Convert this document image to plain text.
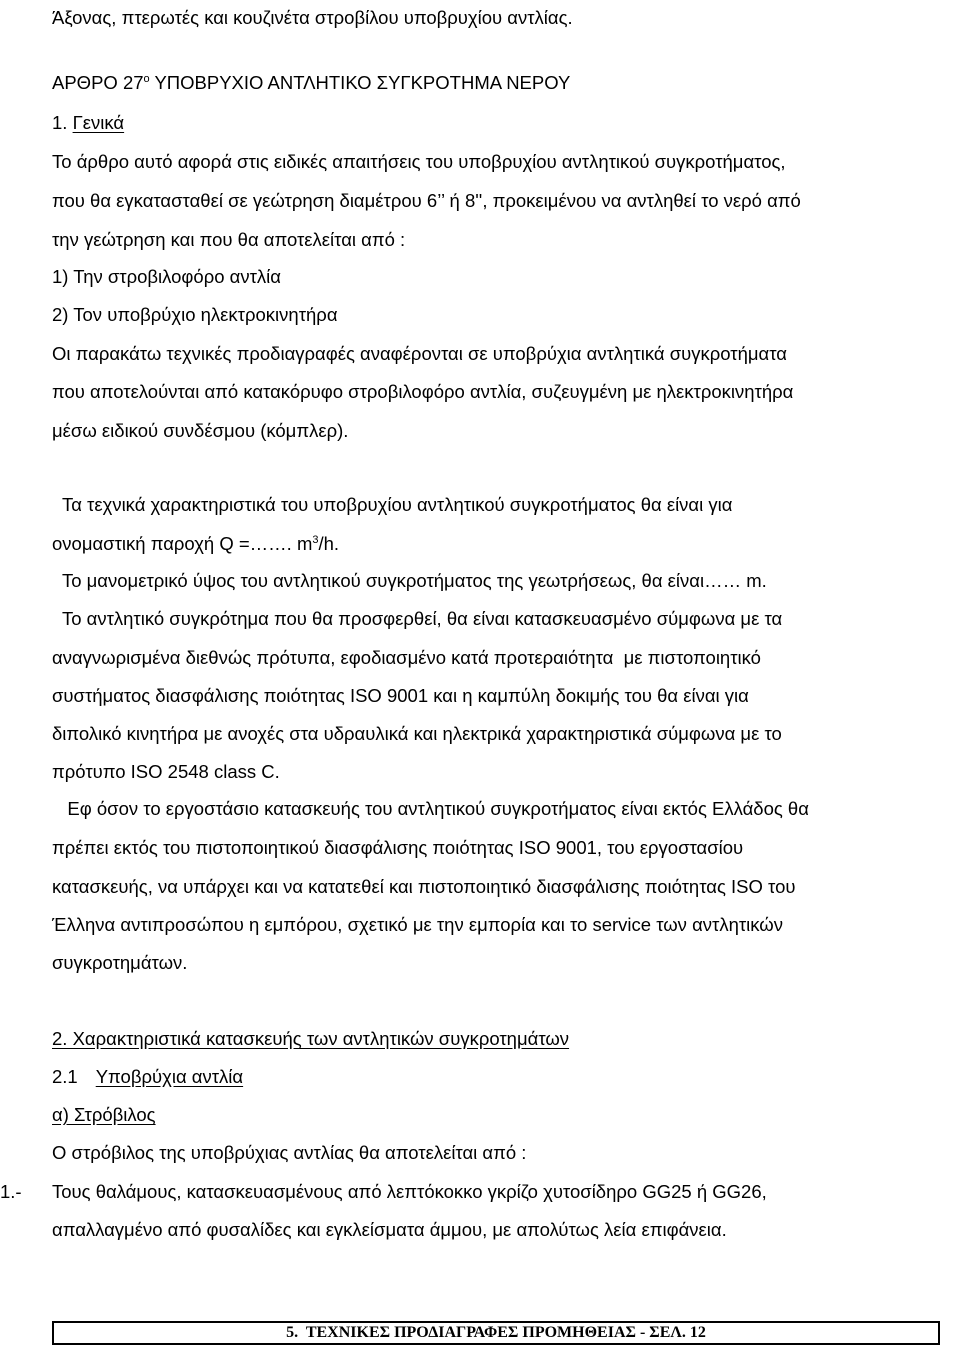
Άξονας, πτερωτές και κουζινέτα στροβίλου υποβρυχίου αντλίας.

ΑΡΘΡΟ $27^o$ ΥΠΟΒΡΥΧΙΟ ΑΝΤΛΗΤΙΚΟ ΣΥΓΚΡΟΤΗΜΑ ΝΕΡΟΥ

1. Γενικά

Το άρθρο αυτό αφορά στις ειδικές απαιτήσεις του υποβρυχίου αντλητικού συγκροτήματος,

που θα εγκατασταθεί σε γεώτρηση διαμέτρου 6’’ ή 8'', προκειμένου να αντληθεί το νερό από

την γεώτρηση και που θα αποτελείται από :

1) Την στροβιλοφόρο αντλία

2) Τον υποβρύχιο ηλεκτροκινητήρα

Οι παρακάτω τεχνικές προδιαγραφές αναφέρονται σε υποβρύχια αντλητικά συγκροτήματα

που αποτελούνται από κατακόρυφο στροβιλοφόρο αντλία, συζευγμένη με ηλεκτροκινητήρα

μέσω ειδικού συνδέσμου (κόμπλερ).

Τα τεχνικά χαρακτηριστικά του υποβρυχίου αντλητικού συγκροτήματος θα είναι για

ονομαστική παροχή Q =……. $m^3/h$.

Το μανομετρικό ύψος του αντλητικού συγκροτήματος της γεωτρήσεως, θα είναι…… m.

Το αντλητικό συγκρότημα που θα προσφερθεί, θα είναι κατασκευασμένο σύμφωνα με τα

αναγνωρισμένα διεθνώς πρότυπα, εφοδιασμένο κατά προτεραιότητα  με πιστοποιητικό

συστήματος διασφάλισης ποιότητας ISO 9001 και η καμπύλη δοκιμής του θα είναι για

διπολικό κινητήρα με ανοχές στα υδραυλικά και ηλεκτρικά χαρακτηριστικά σύμφωνα με το

πρότυπο ISO 2548 class C.

Εφ όσον το εργοστάσιο κατασκευής του αντλητικού συγκροτήματος είναι εκτός Ελλάδος θα

πρέπει εκτός του πιστοποιητικού διασφάλισης ποιότητας ISO 9001, του εργοστασίου

κατασκευής, να υπάρχει και να κατατεθεί και πιστοποιητικό διασφάλισης ποιότητας ISO του

Έλληνα αντιπροσώπου η εμπόρου, σχετικό με την εμπορία και το service των αντλητικών

συγκροτημάτων.

2. Χαρακτηριστικά κατασκευής των αντλητικών συγκροτημάτων

2.1 Υποβρύχια αντλία

α) Στρόβιλος

Ο στρόβιλος της υποβρύχιας αντλίας θα αποτελείται από :

1.- Τους θαλάμους, κατασκευασμένους από λεπτόκοκκο γκρίζο χυτοσίδηρο GG25 ή GG26,

απαλλαγμένο από φυσαλίδες και εγκλείσματα άμμου, με απολύτως λεία επιφάνεια.

5.  ΤΕΧΝΙΚΕΣ ΠΡΟΔΙΑΓΡΑΦΕΣ ΠΡΟΜΗΘΕΙΑΣ - ΣΕΛ. 12
